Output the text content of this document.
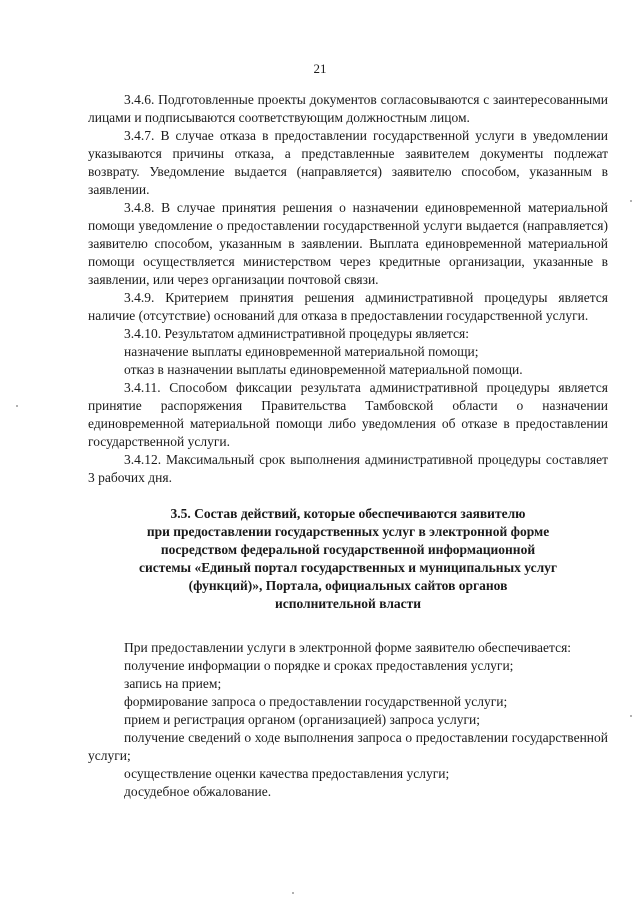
21

3.4.6. Подготовленные проекты документов согласовываются с заинтересованными лицами и подписываются соответствующим должностным лицом.

3.4.7. В случае отказа в предоставлении государственной услуги в уведомлении указываются причины отказа, а представленные заявителем документы подлежат возврату. Уведомление выдается (направляется) заявителю способом, указанным в заявлении.

3.4.8. В случае принятия решения о назначении единовременной материальной помощи уведомление о предоставлении государственной услуги выдается (направляется) заявителю способом, указанным в заявлении. Выплата единовременной материальной помощи осуществляется министерством через кредитные организации, указанные в заявлении, или через организации почтовой связи.

3.4.9. Критерием принятия решения административной процедуры является наличие (отсутствие) оснований для отказа в предоставлении государственной услуги.

3.4.10. Результатом административной процедуры является:

назначение выплаты единовременной материальной помощи;

отказ в назначении выплаты единовременной материальной помощи.

3.4.11. Способом фиксации результата административной процедуры является принятие распоряжения Правительства Тамбовской области о назначении единовременной материальной помощи либо уведомления об отказе в предоставлении государственной услуги.

3.4.12. Максимальный срок выполнения административной процедуры составляет 3 рабочих дня.

3.5. Состав действий, которые обеспечиваются заявителю
при предоставлении государственных услуг в электронной форме
посредством федеральной государственной информационной
системы «Единый портал государственных и муниципальных услуг
(функций)», Портала, официальных сайтов органов
исполнительной власти

При предоставлении услуги в электронной форме заявителю обеспечивается:

получение информации о порядке и сроках предоставления услуги;

запись на прием;

формирование запроса о предоставлении государственной услуги;

прием и регистрация органом (организацией) запроса услуги;

получение сведений о ходе выполнения запроса о предоставлении государственной услуги;

осуществление оценки качества предоставления услуги;

досудебное обжалование.
